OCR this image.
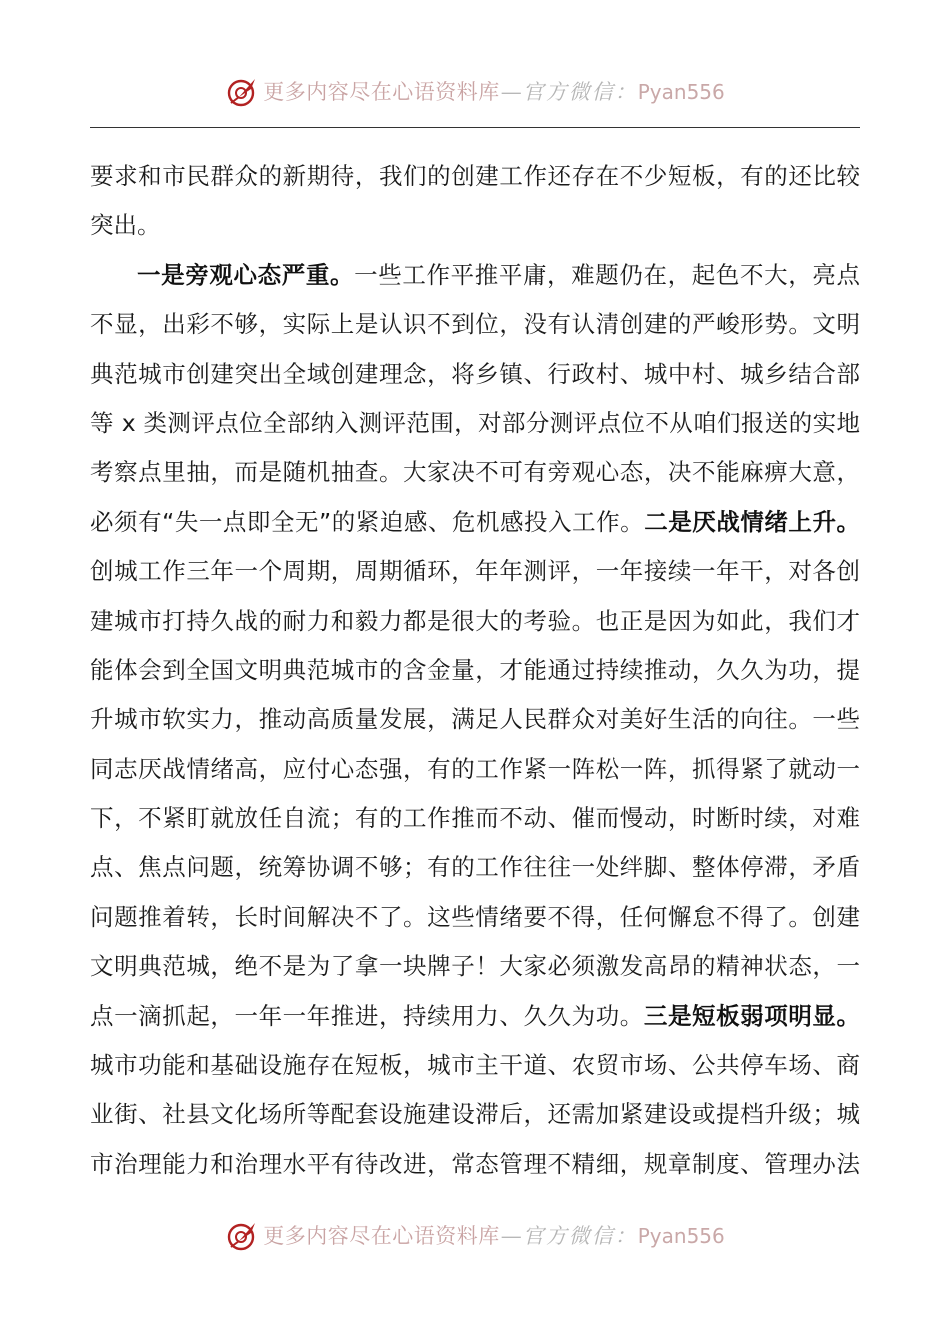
更多内容尽在心语资料库 — 官方微信： Pyan556
要求和市民群众的新期待，我们的创建工作还存在不少短板，有的还比较
突出。
一是旁观心态严重。一些工作平推平庸，难题仍在，起色不大，亮点
不显，出彩不够，实际上是认识不到位，没有认清创建的严峻形势。文明
典范城市创建突出全域创建理念，将乡镇、行政村、城中村、城乡结合部
等 x 类测评点位全部纳入测评范围，对部分测评点位不从咱们报送的实地
考察点里抽，而是随机抽查。大家决不可有旁观心态，决不能麻痹大意，
必须有“失一点即全无”的紧迫感、危机感投入工作。二是厌战情绪上升。
创城工作三年一个周期，周期循环，年年测评，一年接续一年干，对各创
建城市打持久战的耐力和毅力都是很大的考验。也正是因为如此，我们才
能体会到全国文明典范城市的含金量，才能通过持续推动，久久为功，提
升城市软实力，推动高质量发展，满足人民群众对美好生活的向往。一些
同志厌战情绪高，应付心态强，有的工作紧一阵松一阵，抓得紧了就动一
下，不紧盯就放任自流；有的工作推而不动、催而慢动，时断时续，对难
点、焦点问题，统筹协调不够；有的工作往往一处绊脚、整体停滞，矛盾
问题推着转，长时间解决不了。这些情绪要不得，任何懈怠不得了。创建
文明典范城，绝不是为了拿一块牌子！大家必须激发高昂的精神状态，一
点一滴抓起，一年一年推进，持续用力、久久为功。三是短板弱项明显。
城市功能和基础设施存在短板，城市主干道、农贸市场、公共停车场、商
业街、社县文化场所等配套设施建设滞后，还需加紧建设或提档升级；城
市治理能力和治理水平有待改进，常态管理不精细，规章制度、管理办法
更多内容尽在心语资料库 — 官方微信： Pyan556
